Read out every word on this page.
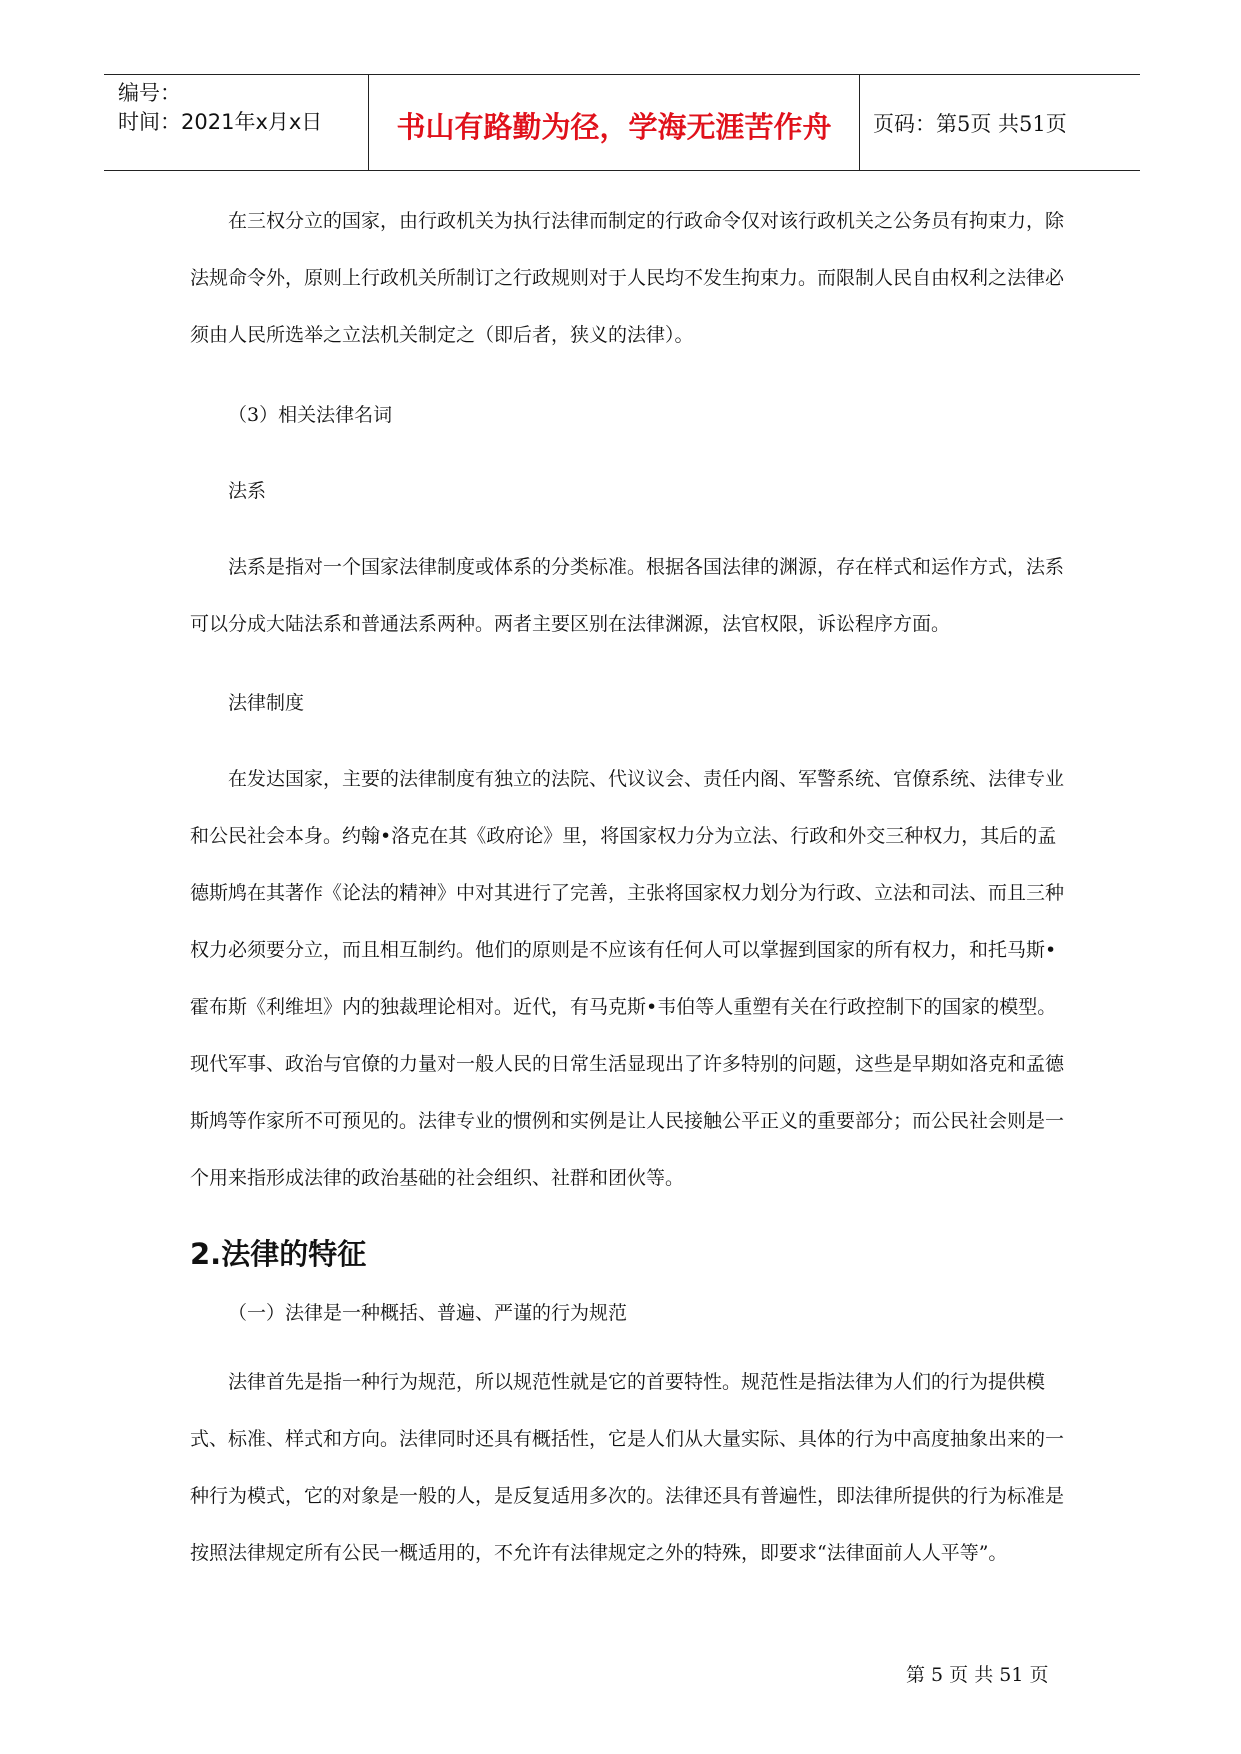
编号：
时间：2021年x月x日	书山有路勤为径，学海无涯苦作舟	页码：第5页 共51页

在三权分立的国家，由行政机关为执行法律而制定的行政命令仅对该行政机关之公务员有拘束力，除法规命令外，原则上行政机关所制订之行政规则对于人民均不发生拘束力。而限制人民自由权利之法律必须由人民所选举之立法机关制定之（即后者，狭义的法律）。

（3）相关法律名词
法系

法系是指对一个国家法律制度或体系的分类标准。根据各国法律的渊源，存在样式和运作方式，法系可以分成大陆法系和普通法系两种。两者主要区别在法律渊源，法官权限，诉讼程序方面。

法律制度

在发达国家，主要的法律制度有独立的法院、代议议会、责任内阁、军警系统、官僚系统、法律专业和公民社会本身。约翰•洛克在其《政府论》里，将国家权力分为立法、行政和外交三种权力，其后的孟德斯鸠在其著作《论法的精神》中对其进行了完善，主张将国家权力划分为行政、立法和司法、而且三种权力必须要分立，而且相互制约。他们的原则是不应该有任何人可以掌握到国家的所有权力，和托马斯•霍布斯《利维坦》内的独裁理论相对。近代，有马克斯•韦伯等人重塑有关在行政控制下的国家的模型。现代军事、政治与官僚的力量对一般人民的日常生活显现出了许多特别的问题，这些是早期如洛克和孟德斯鸠等作家所不可预见的。法律专业的惯例和实例是让人民接触公平正义的重要部分；而公民社会则是一个用来指形成法律的政治基础的社会组织、社群和团伙等。

2.法律的特征
（一）法律是一种概括、普遍、严谨的行为规范

法律首先是指一种行为规范，所以规范性就是它的首要特性。规范性是指法律为人们的行为提供模式、标准、样式和方向。法律同时还具有概括性，它是人们从大量实际、具体的行为中高度抽象出来的一种行为模式，它的对象是一般的人，是反复适用多次的。法律还具有普遍性，即法律所提供的行为标准是按照法律规定所有公民一概适用的，不允许有法律规定之外的特殊，即要求“法律面前人人平等”。

第 5 页 共 51 页
